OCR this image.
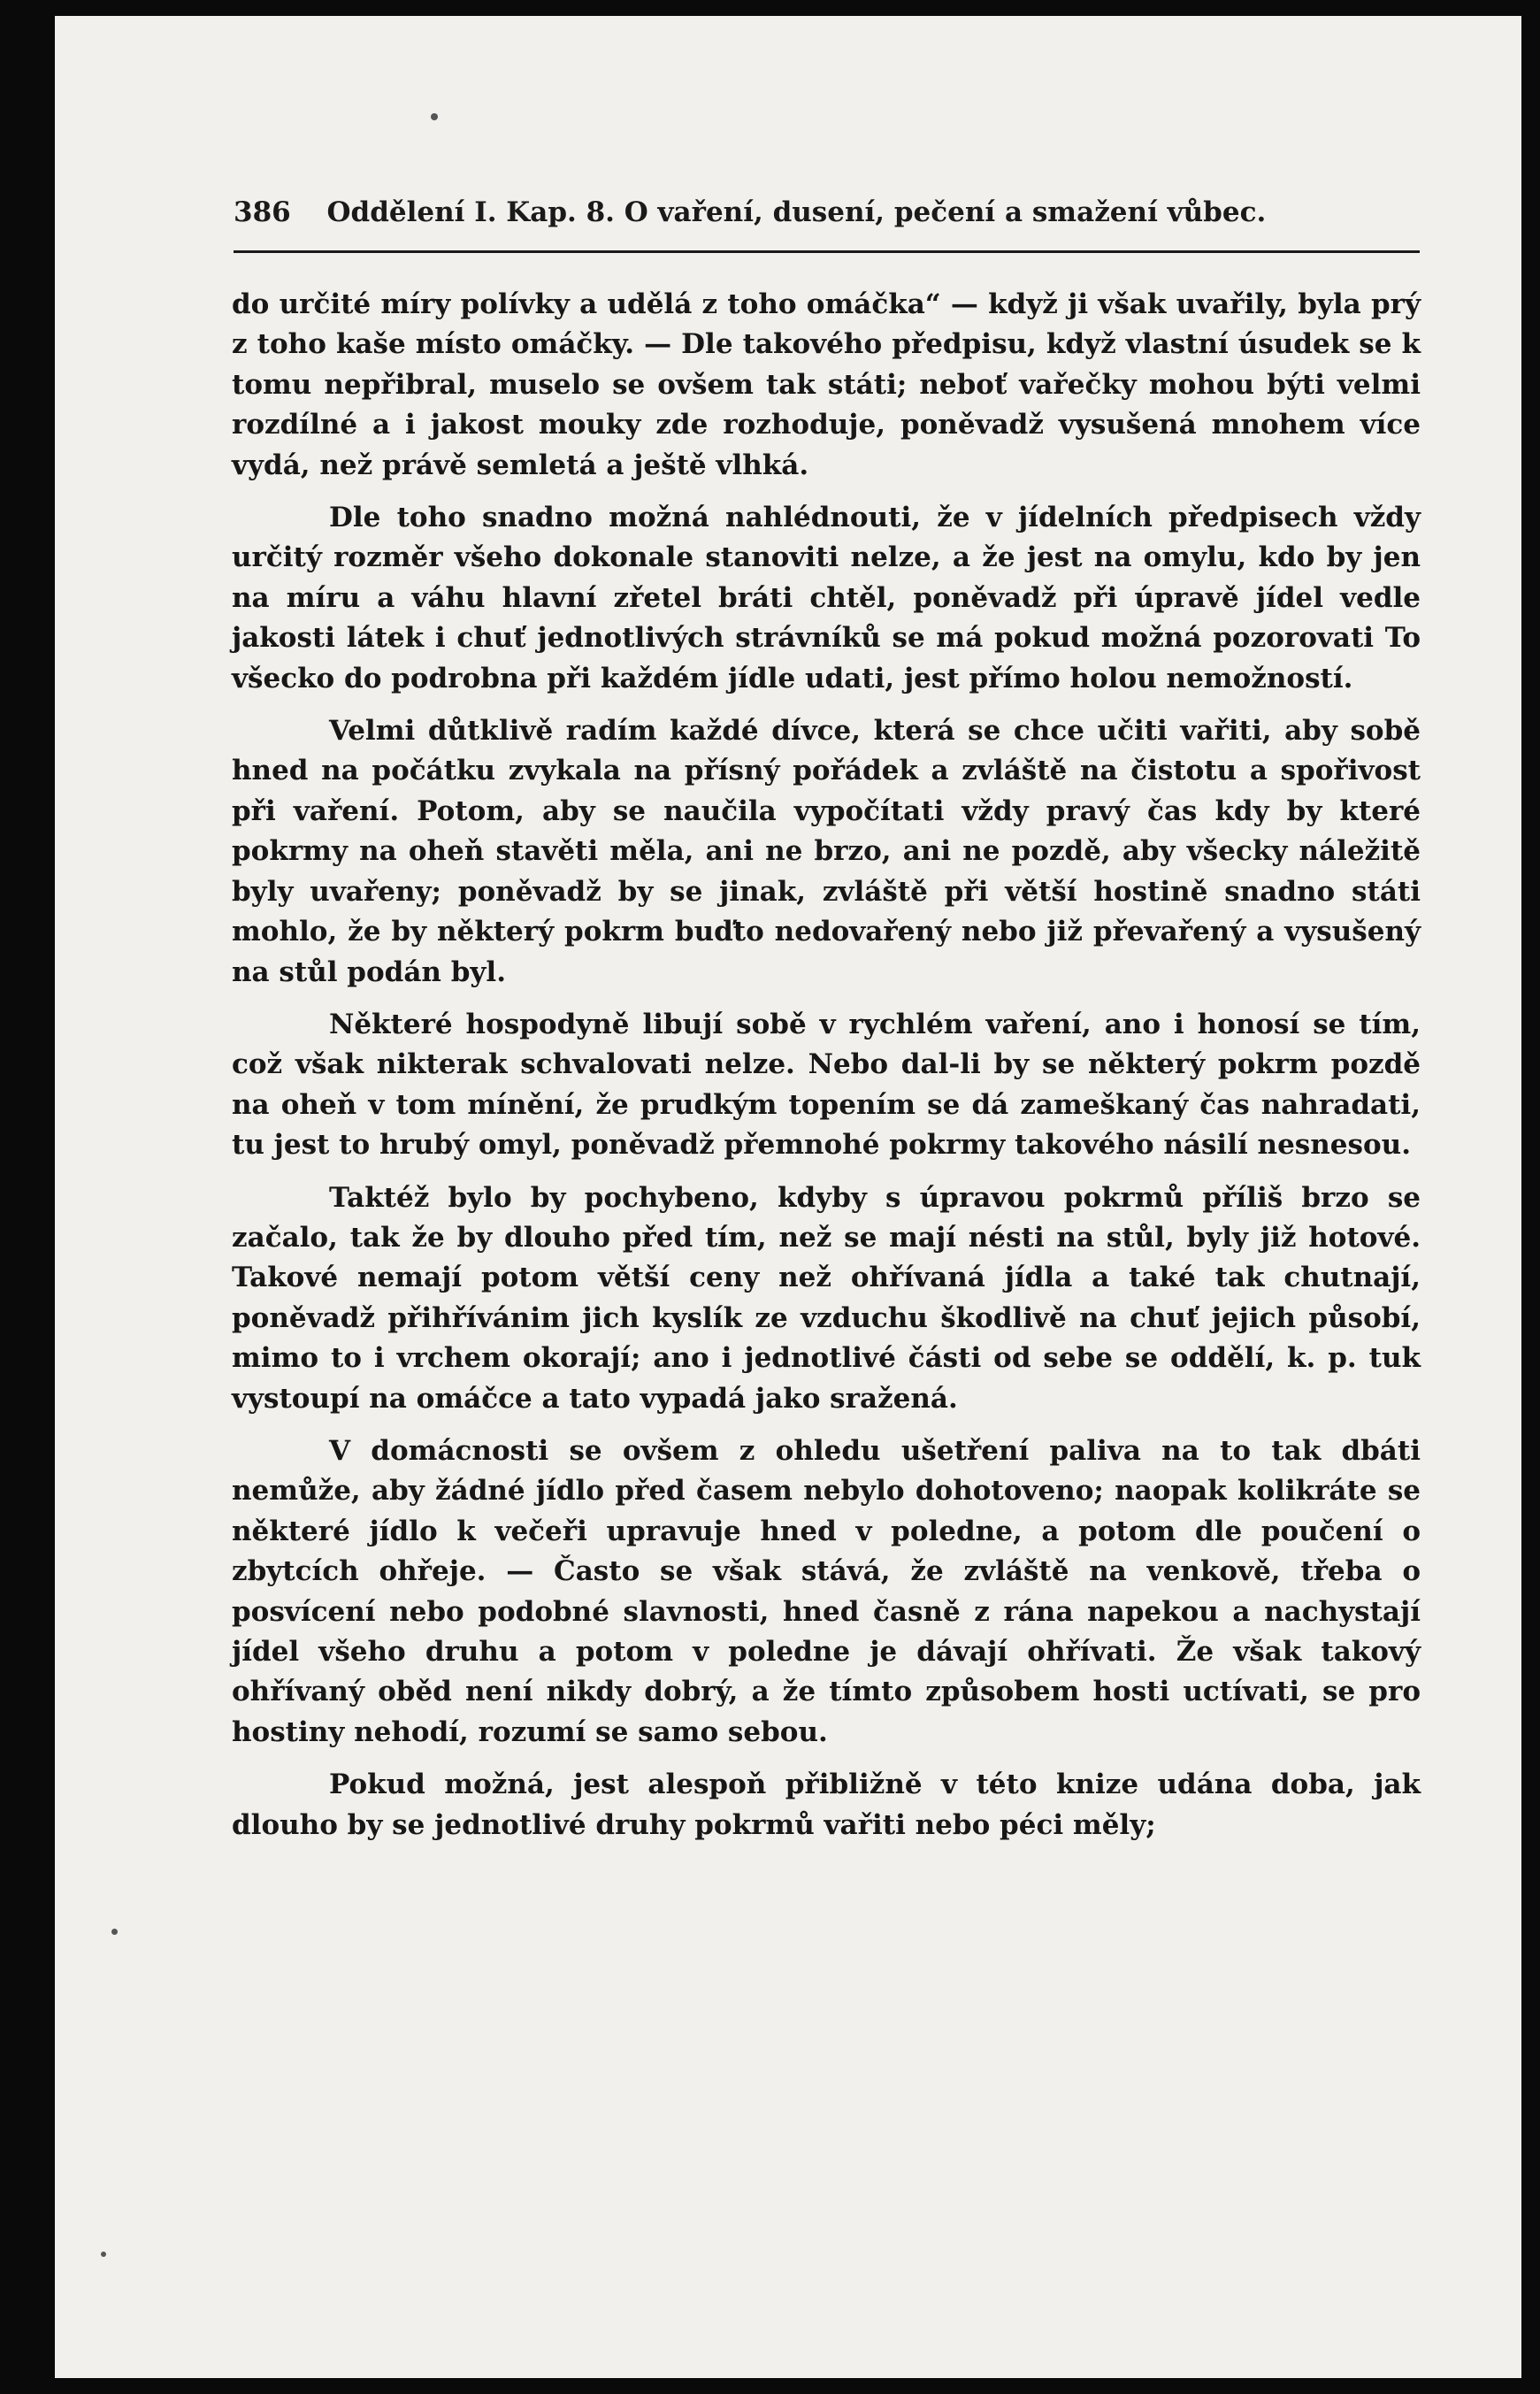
386 Oddělení I. Kap. 8. O vaření, dusení, pečení a smažení vůbec.

do určité míry polívky a udělá z toho omáčka“ — když ji však uvařily, byla prý z toho kaše místo omáčky. — Dle takového předpisu, když vlastní úsudek se k tomu nepřibral, muselo se ovšem tak státi; neboť vařečky mohou býti velmi rozdílné a i jakost mouky zde rozhoduje, poněvadž vysušená mnohem více vydá, než právě semletá a ještě vlhká.

Dle toho snadno možná nahlédnouti, že v jídelních předpisech vždy určitý rozměr všeho dokonale stanoviti nelze, a že jest na omylu, kdo by jen na míru a váhu hlavní zřetel bráti chtěl, poněvadž při úpravě jídel vedle jakosti látek i chuť jednotlivých strávníků se má pokud možná pozorovati To všecko do podrobna při každém jídle udati, jest přímo holou nemožností.

Velmi důtklivě radím každé dívce, která se chce učiti vařiti, aby sobě hned na počátku zvykala na přísný pořádek a zvláště na čistotu a spořivost při vaření. Potom, aby se naučila vypočítati vždy pravý čas kdy by které pokrmy na oheň stavěti měla, ani ne brzo, ani ne pozdě, aby všecky náležitě byly uvařeny; poněvadž by se jinak, zvláště při větší hostině snadno státi mohlo, že by některý pokrm buďto nedovařený nebo již převařený a vysušený na stůl podán byl.

Některé hospodyně libují sobě v rychlém vaření, ano i honosí se tím, což však nikterak schvalovati nelze. Nebo dal-li by se některý pokrm pozdě na oheň v tom mínění, že prudkým topením se dá zameškaný čas nahradati, tu jest to hrubý omyl, poněvadž přemnohé pokrmy takového násilí nesnesou.

Taktéž bylo by pochybeno, kdyby s úpravou pokrmů příliš brzo se začalo, tak že by dlouho před tím, než se mají nésti na stůl, byly již hotové. Takové nemají potom větší ceny než ohřívaná jídla a také tak chutnají, poněvadž přihřívánim jich kyslík ze vzduchu škodlivě na chuť jejich působí, mimo to i vrchem okorají; ano i jednotlivé části od sebe se oddělí, k. p. tuk vystoupí na omáčce a tato vypadá jako sražená.

V domácnosti se ovšem z ohledu ušetření paliva na to tak dbáti nemůže, aby žádné jídlo před časem nebylo dohotoveno; naopak kolikráte se některé jídlo k večeři upravuje hned v poledne, a potom dle poučení o zbytcích ohřeje. — Často se však stává, že zvláště na venkově, třeba o posvícení nebo podobné slavnosti, hned časně z rána napekou a nachystají jídel všeho druhu a potom v poledne je dávají ohřívati. Že však takový ohřívaný oběd není nikdy dobrý, a že tímto způsobem hosti uctívati, se pro hostiny nehodí, rozumí se samo sebou.

Pokud možná, jest alespoň přibližně v této knize udána doba, jak dlouho by se jednotlivé druhy pokrmů vařiti nebo péci měly;
